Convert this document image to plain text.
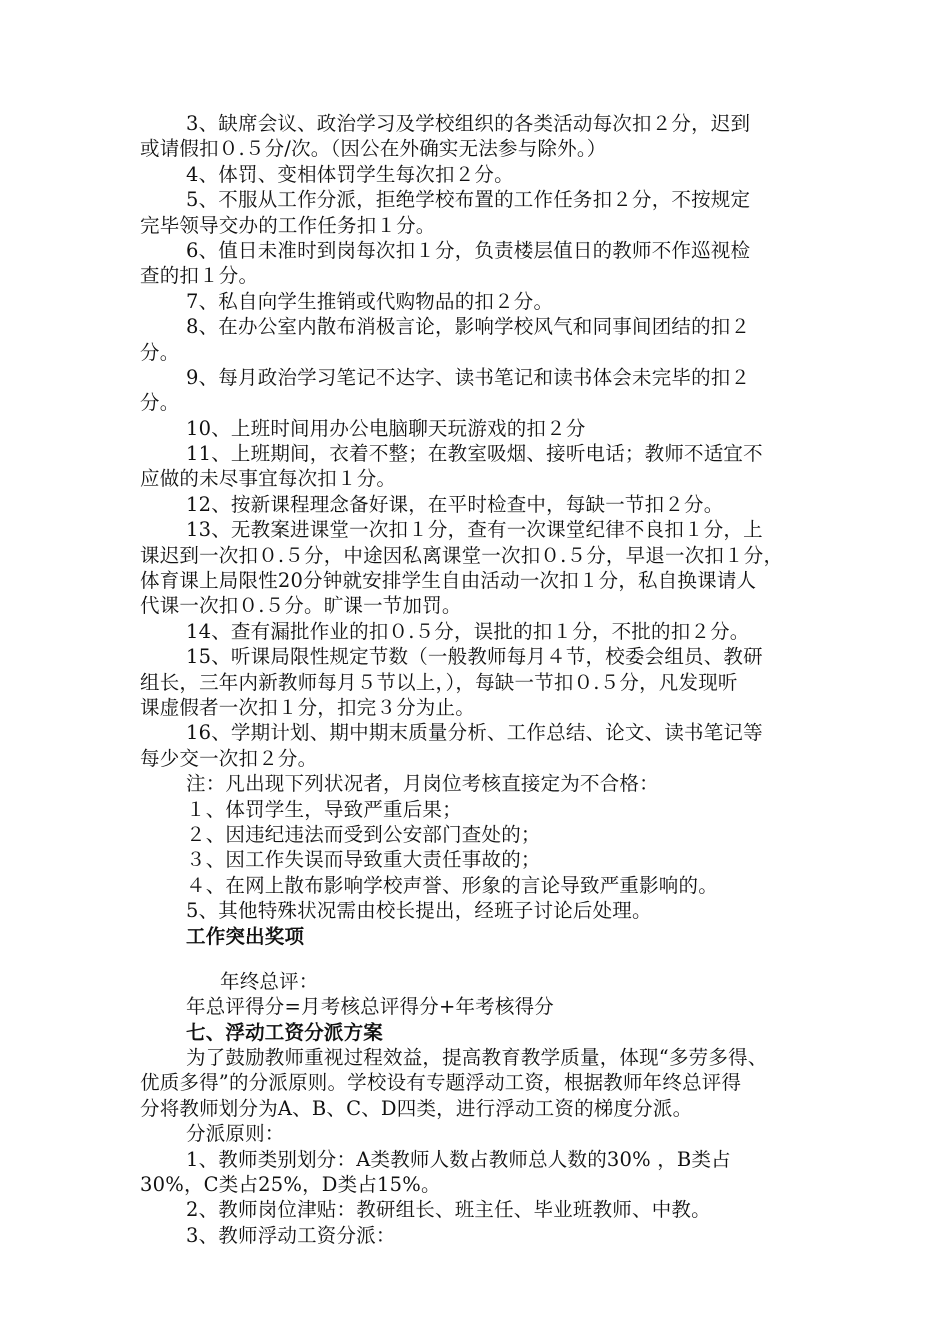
3、缺席会议、政治学习及学校组织的各类活动每次扣２分，迟到
或请假扣０.５分/次。（因公在外确实无法参与除外。）
4、体罚、变相体罚学生每次扣２分。
5、不服从工作分派，拒绝学校布置的工作任务扣２分，不按规定
完毕领导交办的工作任务扣１分。
6、值日未准时到岗每次扣１分，负责楼层值日的教师不作巡视检
查的扣１分。
7、私自向学生推销或代购物品的扣２分。
8、在办公室内散布消极言论，影响学校风气和同事间团结的扣２
分。
9、每月政治学习笔记不达字、读书笔记和读书体会未完毕的扣２
分。
10、上班时间用办公电脑聊天玩游戏的扣２分
11、上班期间，衣着不整；在教室吸烟、接听电话；教师不适宜不
应做的未尽事宜每次扣１分。
12、按新课程理念备好课，在平时检查中，每缺一节扣２分。
13、无教案进课堂一次扣１分，查有一次课堂纪律不良扣１分，上
课迟到一次扣０.５分，中途因私离课堂一次扣０.５分，早退一次扣１分，
体育课上局限性20分钟就安排学生自由活动一次扣１分，私自换课请人
代课一次扣０.５分。旷课一节加罚。
14、查有漏批作业的扣０.５分，误批的扣１分，不批的扣２分。
15、听课局限性规定节数（一般教师每月４节，校委会组员、教研
组长，三年内新教师每月５节以上，），每缺一节扣０.５分，凡发现听
课虚假者一次扣１分，扣完３分为止。
16、学期计划、期中期末质量分析、工作总结、论文、读书笔记等
每少交一次扣２分。
注：凡出现下列状况者，月岗位考核直接定为不合格：
１、体罚学生，导致严重后果；
２、因违纪违法而受到公安部门查处的；
３、因工作失误而导致重大责任事故的；
４、在网上散布影响学校声誉、形象的言论导致严重影响的。
5、其他特殊状况需由校长提出，经班子讨论后处理。
工作突出奖项
年终总评：
年总评得分=月考核总评得分+年考核得分
七、浮动工资分派方案
为了鼓励教师重视过程效益，提高教育教学质量，体现“多劳多得、
优质多得”的分派原则。学校设有专题浮动工资，根据教师年终总评得
分将教师划分为A、B、C、D四类，进行浮动工资的梯度分派。
分派原则：
1、教师类别划分：A类教师人数占教师总人数的30% ，B类占
30%，C类占25%，D类占15%。
2、教师岗位津贴：教研组长、班主任、毕业班教师、中教。
3、教师浮动工资分派：
